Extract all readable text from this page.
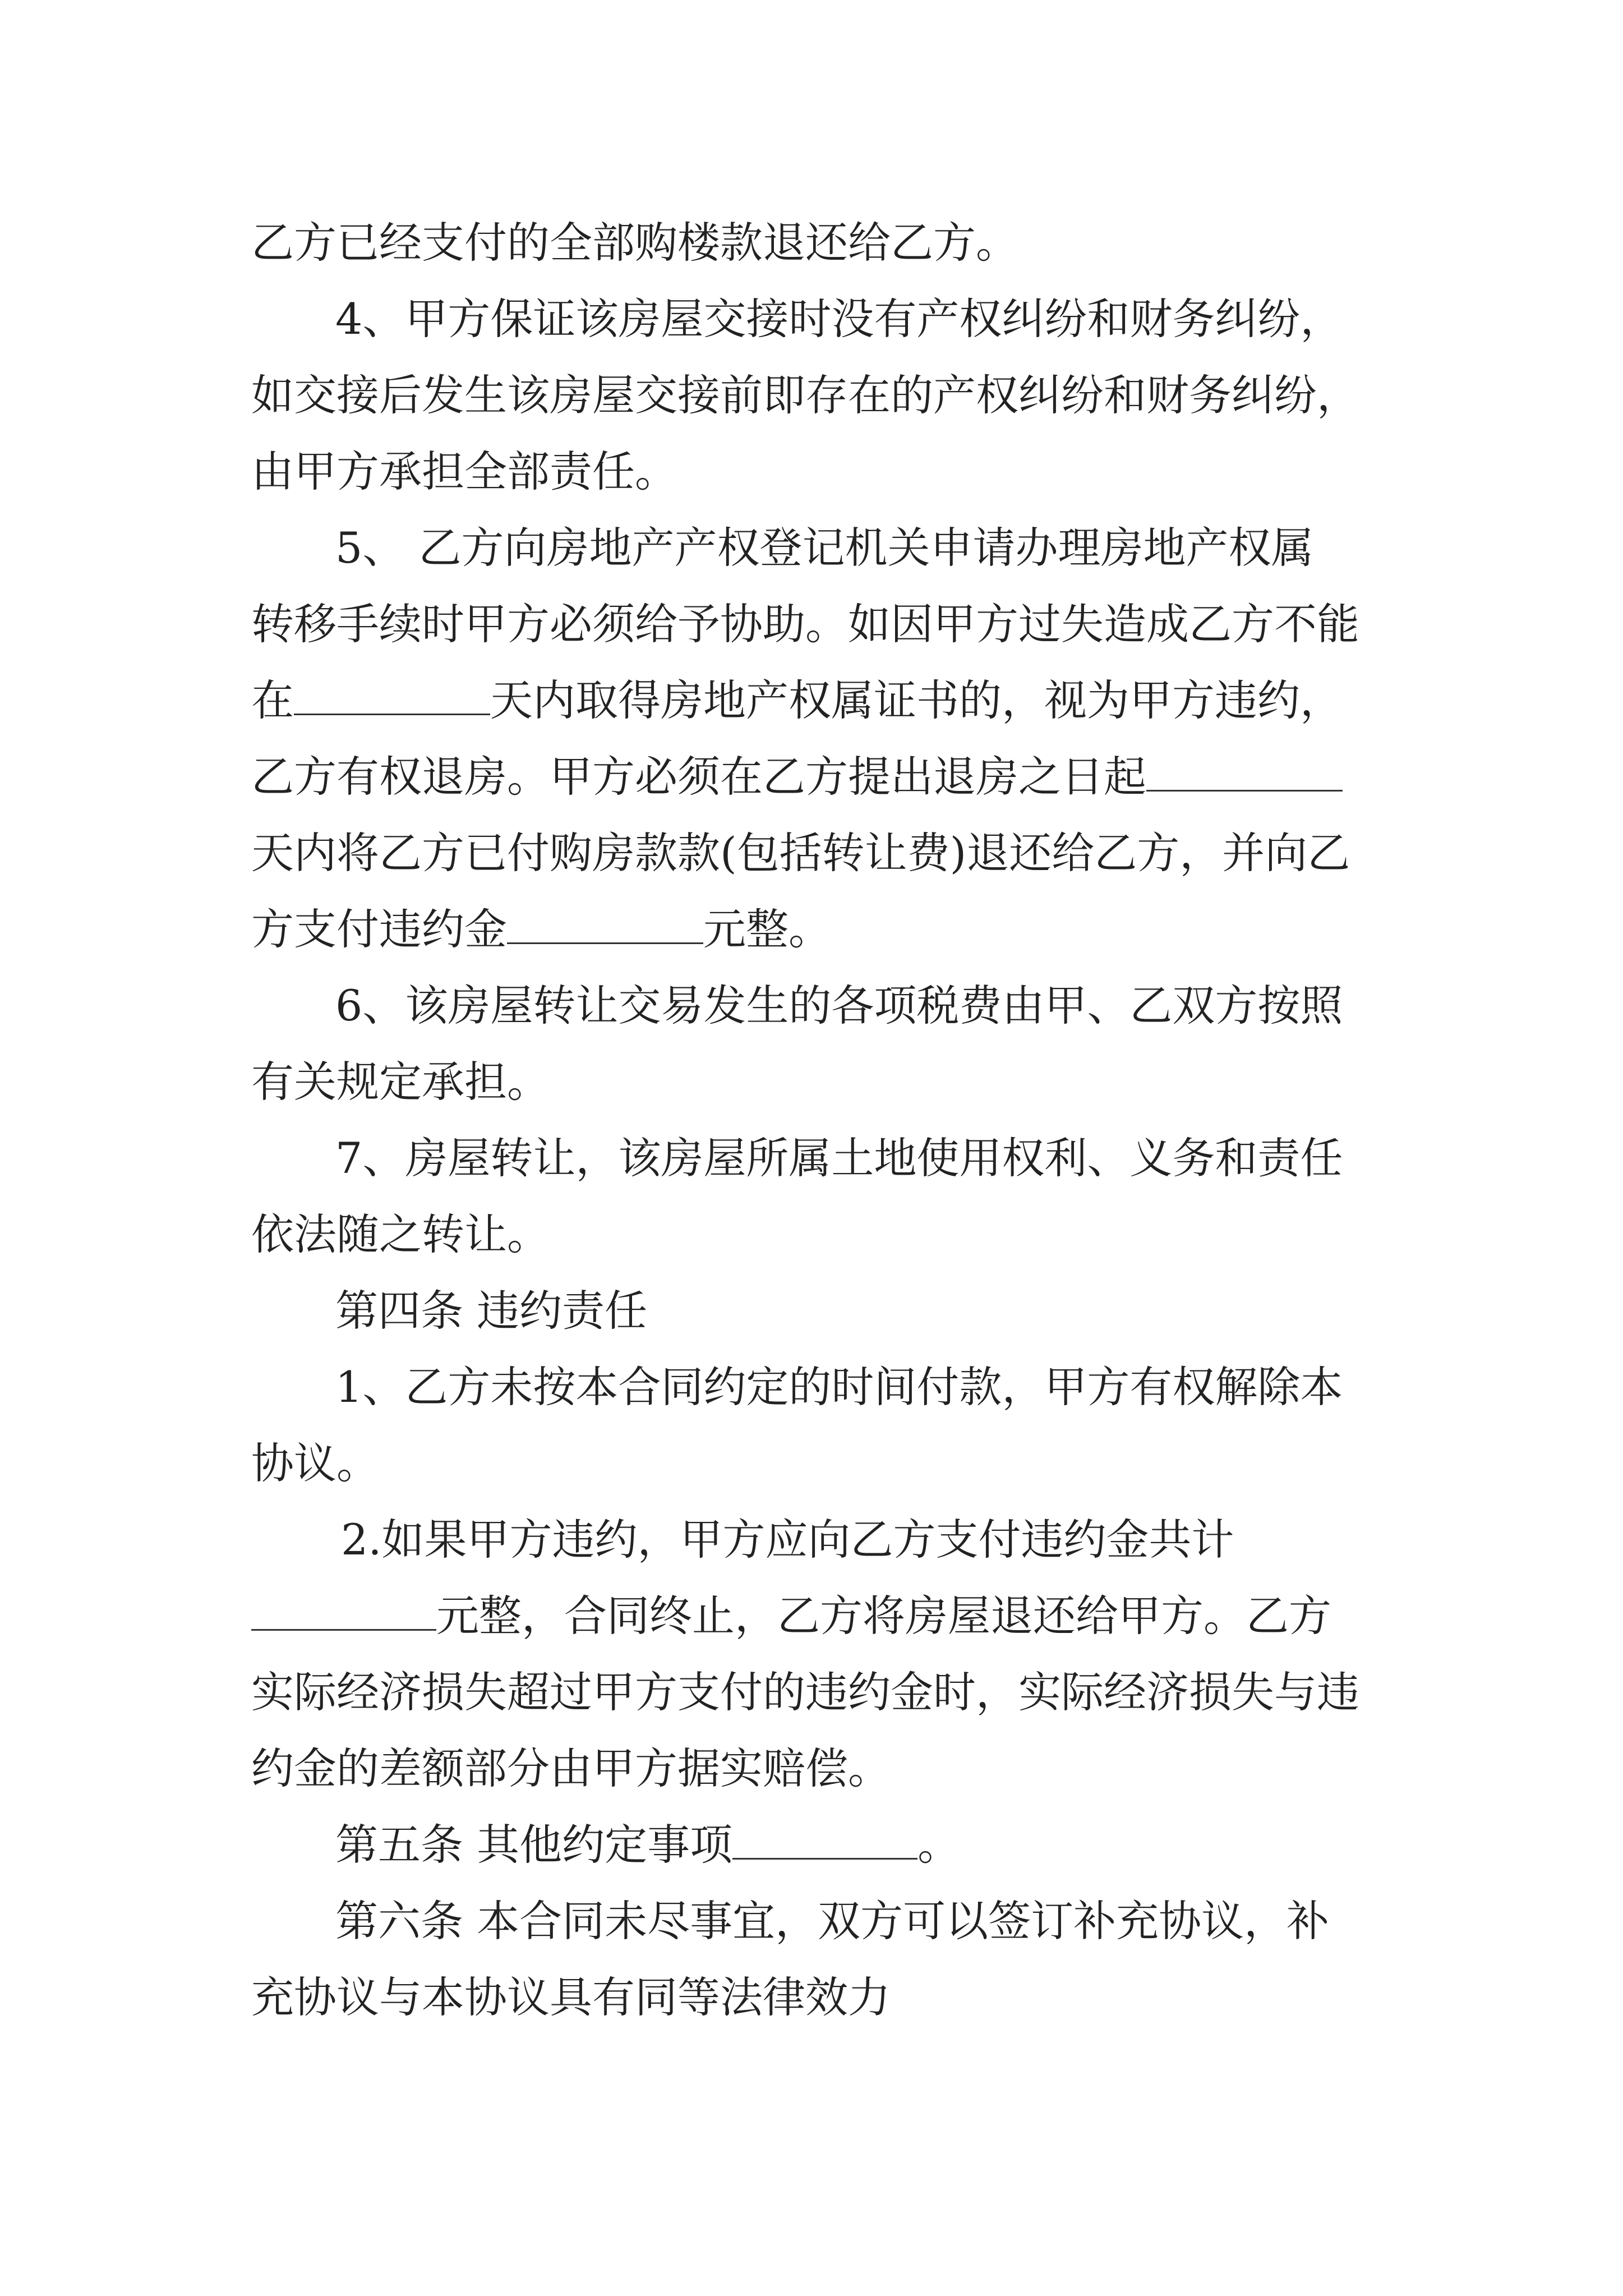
乙方已经支付的全部购楼款退还给乙方。
4、甲方保证该房屋交接时没有产权纠纷和财务纠纷，
如交接后发生该房屋交接前即存在的产权纠纷和财务纠纷，
由甲方承担全部责任。
5、 乙方向房地产产权登记机关申请办理房地产权属
转移手续时甲方必须给予协助。如因甲方过失造成乙方不能
在	天内取得房地产权属证书的，视为甲方违约，
乙方有权退房。甲方必须在乙方提出退房之日起
天内将乙方已付购房款款(包括转让费)退还给乙方，并向乙
方支付违约金	元整。
6、该房屋转让交易发生的各项税费由甲、乙双方按照
有关规定承担。
7、房屋转让，该房屋所属土地使用权利、义务和责任
依法随之转让。
第四条 违约责任
1、乙方未按本合同约定的时间付款，甲方有权解除本
协议。
2.如果甲方违约，甲方应向乙方支付违约金共计
元整，合同终止，乙方将房屋退还给甲方。乙方
实际经济损失超过甲方支付的违约金时，实际经济损失与违
约金的差额部分由甲方据实赔偿。
第五条 其他约定事项	。
第六条 本合同未尽事宜，双方可以签订补充协议，补
充协议与本协议具有同等法律效力
